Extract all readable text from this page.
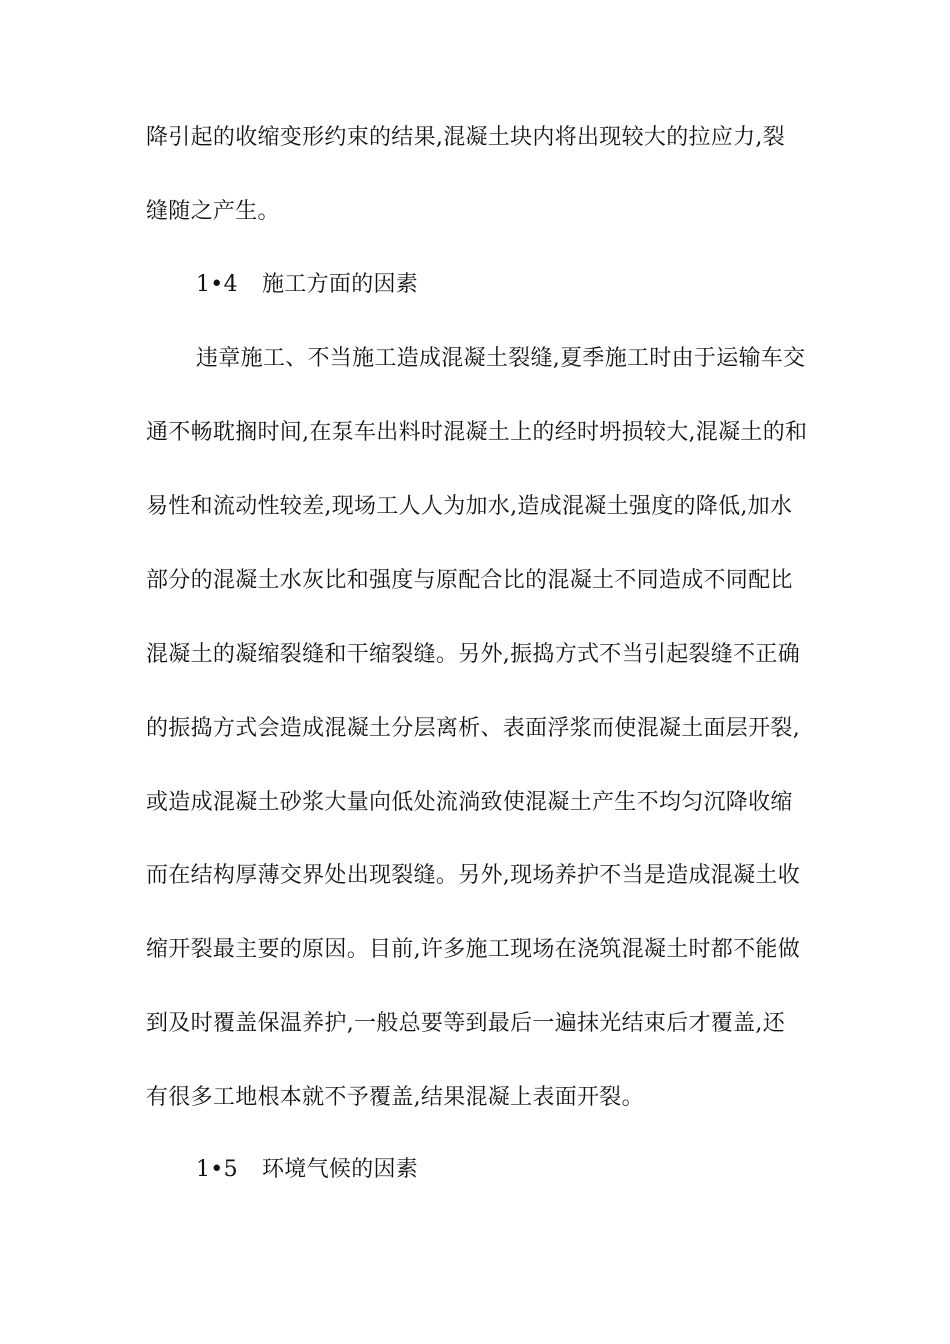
降引起的收缩变形约束的结果,混凝土块内将出现较大的拉应力,裂
缝随之产生。
1•4 施工方面的因素
违章施工、不当施工造成混凝土裂缝,夏季施工时由于运输车交
通不畅耽搁时间,在泵车出料时混凝土上的经时坍损较大,混凝土的和
易性和流动性较差,现场工人人为加水,造成混凝土强度的降低,加水
部分的混凝土水灰比和强度与原配合比的混凝土不同造成不同配比
混凝土的凝缩裂缝和干缩裂缝。另外,振捣方式不当引起裂缝不正确
的振捣方式会造成混凝土分层离析、表面浮浆而使混凝土面层开裂,
或造成混凝土砂浆大量向低处流淌致使混凝土产生不均匀沉降收缩
而在结构厚薄交界处出现裂缝。另外,现场养护不当是造成混凝土收
缩开裂最主要的原因。目前,许多施工现场在浇筑混凝土时都不能做
到及时覆盖保温养护,一般总要等到最后一遍抹光结束后才覆盖,还
有很多工地根本就不予覆盖,结果混凝上表面开裂。
1•5 环境气候的因素
